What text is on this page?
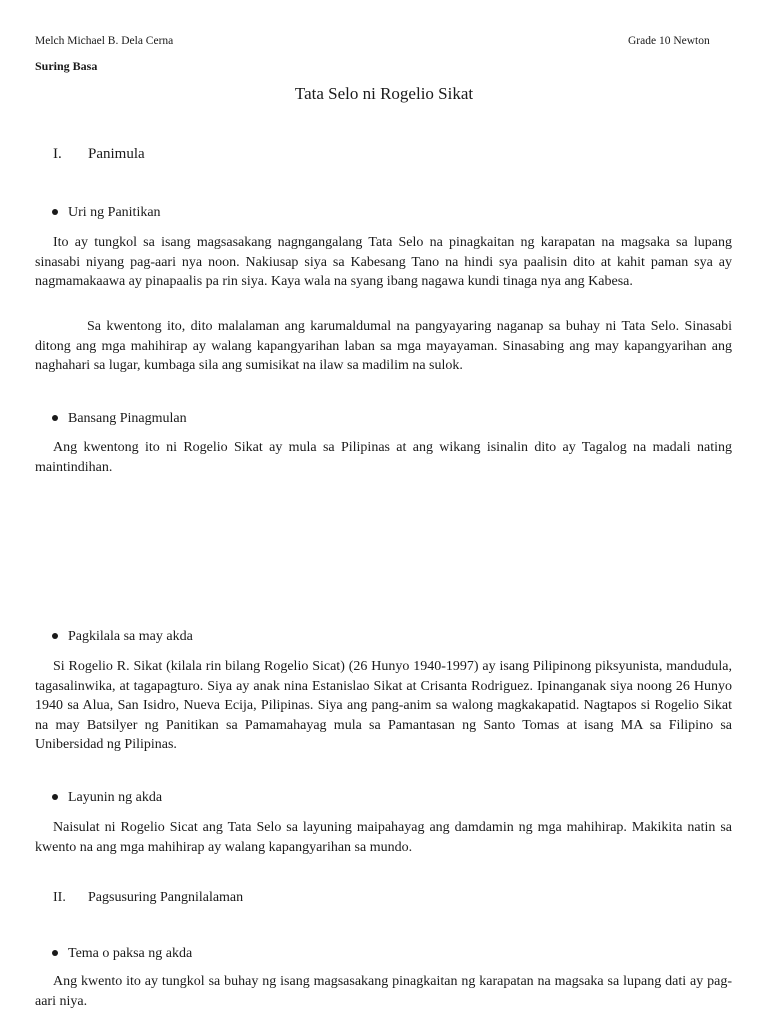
Melch Michael B. Dela Cerna	Grade 10 Newton
Suring Basa
Tata Selo ni Rogelio Sikat
I. Panimula
Uri ng Panitikan
Ito ay tungkol sa isang magsasakang nagngangalang Tata Selo na pinagkaitan ng karapatan na magsaka sa lupang sinasabi niyang pag-aari nya noon. Nakiusap siya sa Kabesang Tano na hindi sya paalisin dito at kahit paman sya ay nagmamakaawa ay pinapaalis pa rin siya. Kaya wala na syang ibang nagawa kundi tinaga nya ang Kabesa.
Sa kwentong ito, dito malalaman ang karumaldumal na pangyayaring naganap sa buhay ni Tata Selo. Sinasabi ditong ang mga mahihirap ay walang kapangyarihan laban sa mga mayayaman. Sinasabing ang may kapangyarihan ang naghahari sa lugar, kumbaga sila ang sumisikat na ilaw sa madilim na sulok.
Bansang Pinagmulan
Ang kwentong ito ni Rogelio Sikat ay mula sa Pilipinas at ang wikang isinalin dito ay Tagalog na madali nating maintindihan.
Pagkilala sa may akda
Si Rogelio R. Sikat (kilala rin bilang Rogelio Sicat) (26 Hunyo 1940-1997) ay isang Pilipinong piksyunista, mandudula, tagasalinwika, at tagapagturo. Siya ay anak nina Estanislao Sikat at Crisanta Rodriguez. Ipinanganak siya noong 26 Hunyo 1940 sa Alua, San Isidro, Nueva Ecija, Pilipinas. Siya ang pang-anim sa walong magkakapatid. Nagtapos si Rogelio Sikat na may Batsilyer ng Panitikan sa Pamamahayag mula sa Pamantasan ng Santo Tomas at isang MA sa Filipino sa Unibersidad ng Pilipinas.
Layunin ng akda
Naisulat ni Rogelio Sicat ang Tata Selo sa layuning maipahayag ang damdamin ng mga mahihirap. Makikita natin sa kwento na ang mga mahihirap ay walang kapangyarihan sa mundo.
II. Pagsusuring Pangnilalaman
Tema o paksa ng akda
Ang kwento ito ay tungkol sa buhay ng isang magsasakang pinagkaitan ng karapatan na magsaka sa lupang dati ay pag-aari niya.
